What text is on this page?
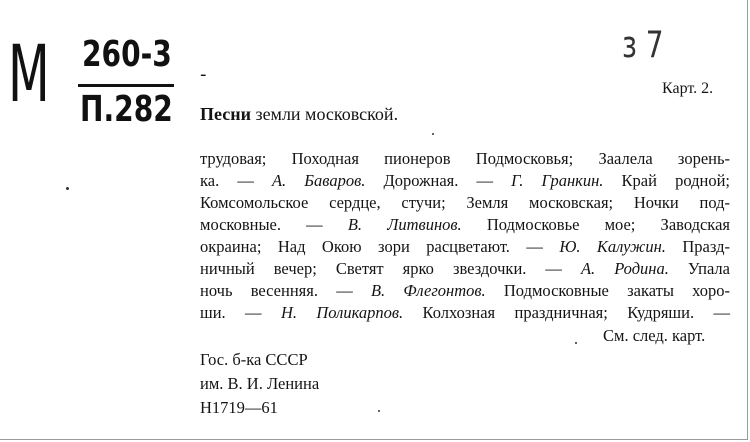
М 260-3
П.282
з 7
-
Карт. 2.
Песни земли московской.
трудовая; Походная пионеров Подмосковья; Заалела зорень-
ка. — А. Баваров. Дорожная. — Г. Гранкин. Край родной;
Комсомольское сердце, стучи; Земля московская; Ночки под-
московные. — В. Литвинов. Подмосковье мое; Заводская
окраина; Над Окою зори расцветают. — Ю. Калужин. Празд-
ничный вечер; Светят ярко звездочки. — А. Родина. Упала
ночь весенняя. — В. Флегонтов. Подмосковные закаты хоро-
ши. — Н. Поликарпов. Колхозная праздничная; Кудряши. —
См. след. карт.
Гос. б-ка СССР
им. В. И. Ленина
Н1719—61
